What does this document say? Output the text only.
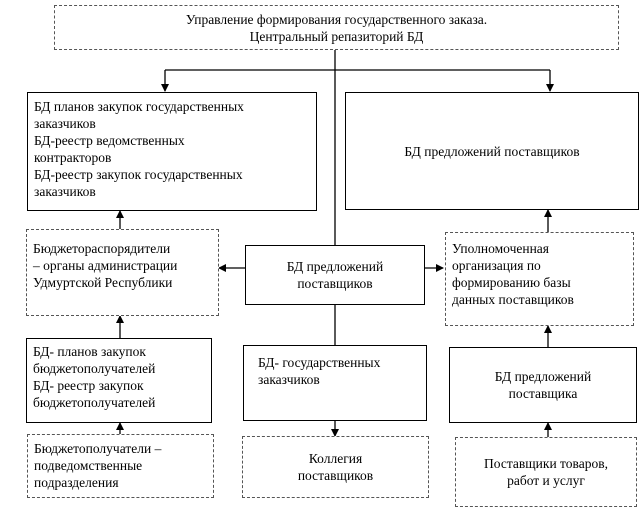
Управление формирования государственного заказа.
Центральный репазиторий БД
БД планов закупок государственных
заказчиков
БД-реестр ведомственных
контракторов
БД-реестр закупок государственных
заказчиков
БД предложений поставщиков
Бюджетораспорядители
– органы администрации
Удмуртской Республики
БД предложений
поставщиков
Уполномоченная
организация по
формированию базы
данных поставщиков
БД- планов закупок
бюджетополучателей
БД- реестр закупок
бюджетополучателей
БД- государственных
заказчиков	БД предложений
поставщика
Бюджетополучатели –
подведомственные
подразделения
Коллегия
поставщиков
Поставщики товаров,
работ и услуг
